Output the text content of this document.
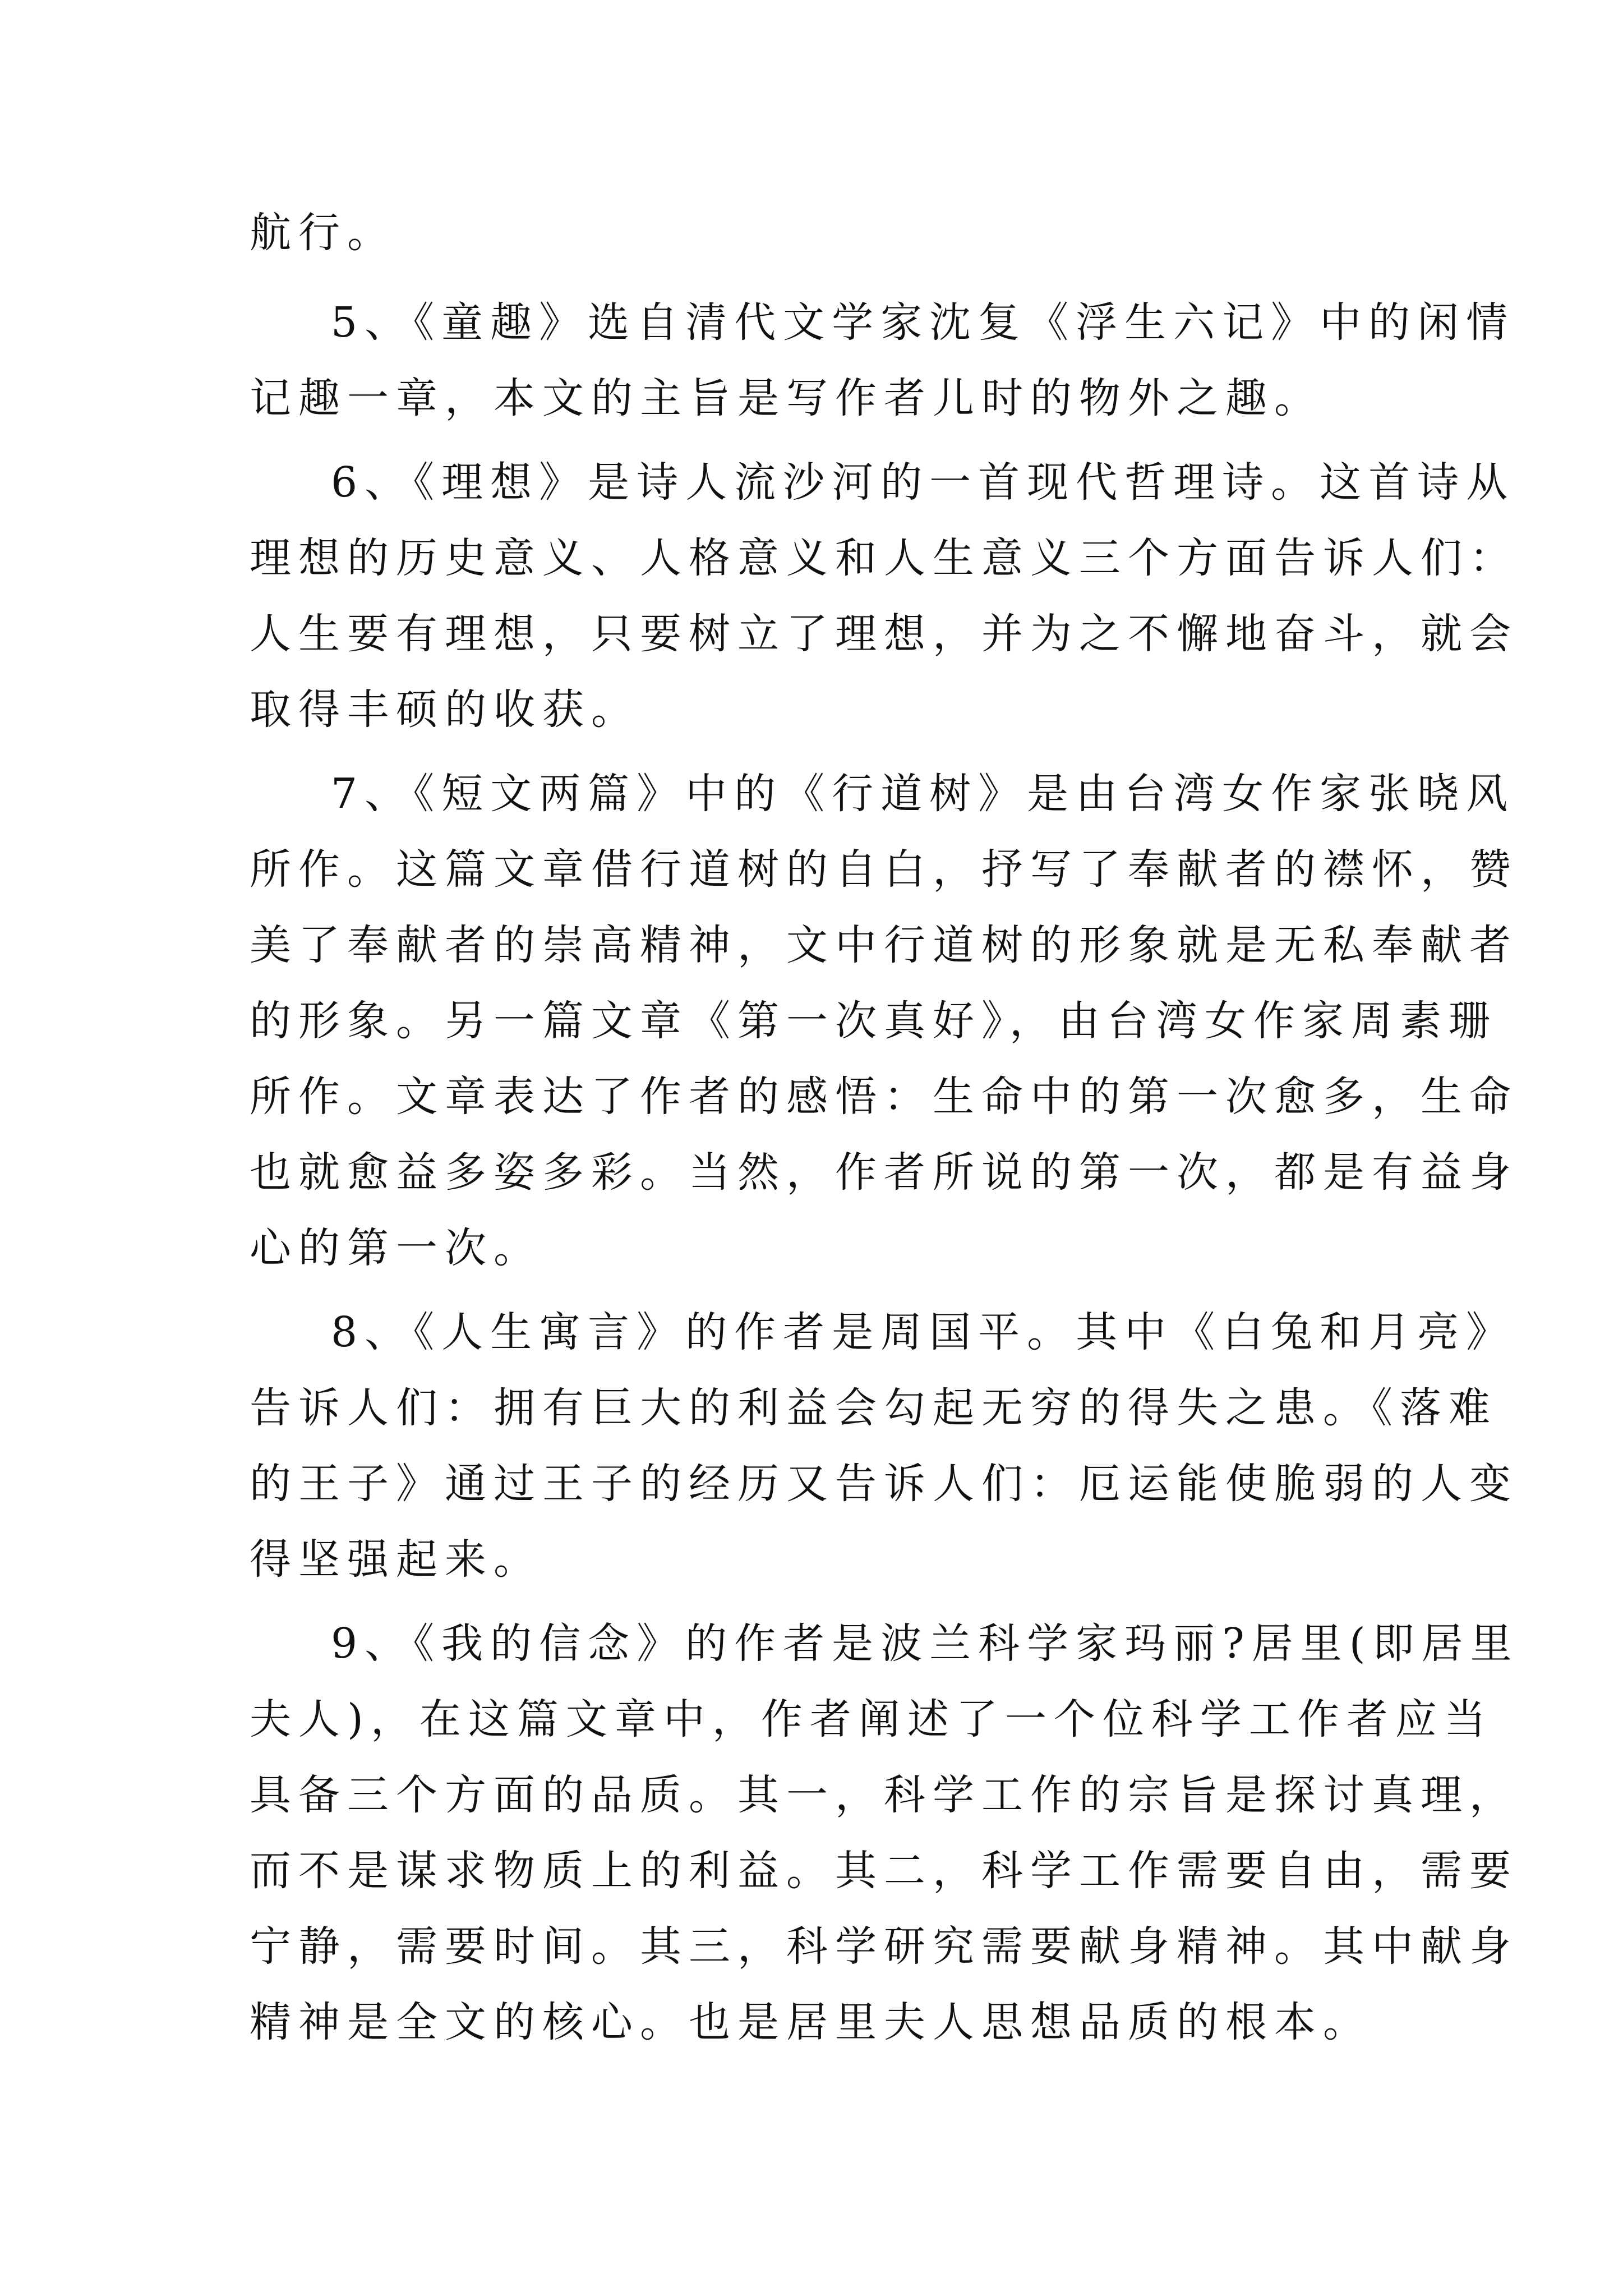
航行。
5、《童趣》选自清代文学家沈复《浮生六记》中的闲情
记趣一章，本文的主旨是写作者儿时的物外之趣。
6、《理想》是诗人流沙河的一首现代哲理诗。这首诗从
理想的历史意义、人格意义和人生意义三个方面告诉人们：
人生要有理想，只要树立了理想，并为之不懈地奋斗，就会
取得丰硕的收获。
7、《短文两篇》中的《行道树》是由台湾女作家张晓风
所作。这篇文章借行道树的自白，抒写了奉献者的襟怀，赞
美了奉献者的崇高精神，文中行道树的形象就是无私奉献者
的形象。另一篇文章《第一次真好》，由台湾女作家周素珊
所作。文章表达了作者的感悟：生命中的第一次愈多，生命
也就愈益多姿多彩。当然，作者所说的第一次，都是有益身
心的第一次。
8、《人生寓言》的作者是周国平。其中《白兔和月亮》
告诉人们：拥有巨大的利益会勾起无穷的得失之患。《落难
的王子》通过王子的经历又告诉人们：厄运能使脆弱的人变
得坚强起来。
9、《我的信念》的作者是波兰科学家玛丽?居里(即居里
夫人)，在这篇文章中，作者阐述了一个位科学工作者应当
具备三个方面的品质。其一，科学工作的宗旨是探讨真理，
而不是谋求物质上的利益。其二，科学工作需要自由，需要
宁静，需要时间。其三，科学研究需要献身精神。其中献身
精神是全文的核心。也是居里夫人思想品质的根本。
